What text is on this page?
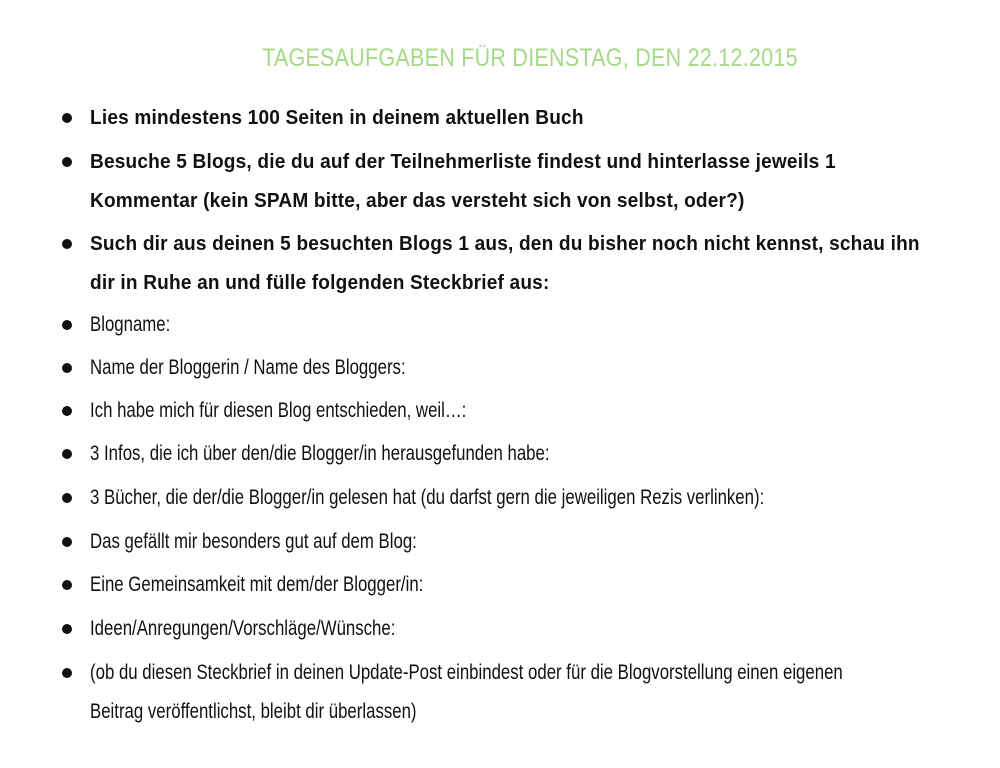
TAGESAUFGABEN FÜR DIENSTAG, DEN 22.12.2015
Lies mindestens 100 Seiten in deinem aktuellen Buch
Besuche 5 Blogs, die du auf der Teilnehmerliste findest und hinterlasse jeweils 1
Kommentar (kein SPAM bitte, aber das versteht sich von selbst, oder?)
Such dir aus deinen 5 besuchten Blogs 1 aus, den du bisher noch nicht kennst, schau ihn
dir in Ruhe an und fülle folgenden Steckbrief aus:
Blogname:
Name der Bloggerin / Name des Bloggers:
Ich habe mich für diesen Blog entschieden, weil…:
3 Infos, die ich über den/die Blogger/in herausgefunden habe:
3 Bücher, die der/die Blogger/in gelesen hat (du darfst gern die jeweiligen Rezis verlinken):
Das gefällt mir besonders gut auf dem Blog:
Eine Gemeinsamkeit mit dem/der Blogger/in:
Ideen/Anregungen/Vorschläge/Wünsche:
(ob du diesen Steckbrief in deinen Update-Post einbindest oder für die Blogvorstellung einen eigenen
Beitrag veröffentlichst, bleibt dir überlassen)
